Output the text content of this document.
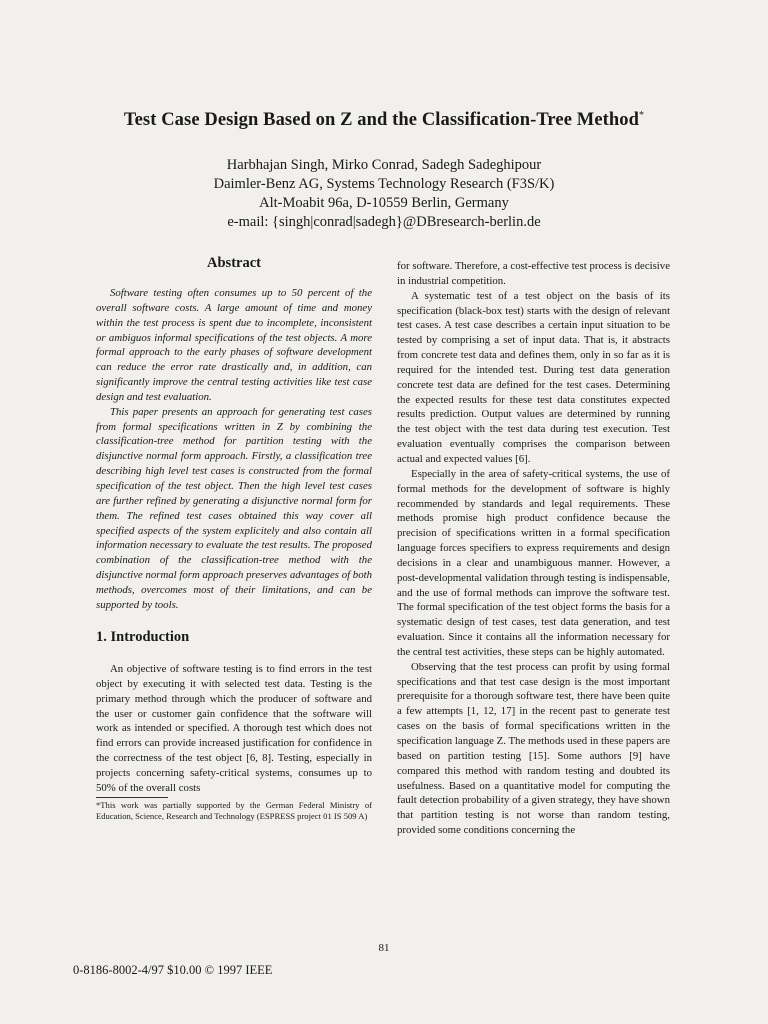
Test Case Design Based on Z and the Classification-Tree Method*
Harbhajan Singh, Mirko Conrad, Sadegh Sadeghipour
Daimler-Benz AG, Systems Technology Research (F3S/K)
Alt-Moabit 96a, D-10559 Berlin, Germany
e-mail: {singh|conrad|sadegh}@DBresearch-berlin.de
Abstract

Software testing often consumes up to 50 percent of the overall software costs. A large amount of time and money within the test process is spent due to incomplete, inconsistent or ambiguos informal specifications of the test objects. A more formal approach to the early phases of software development can reduce the error rate drastically and, in addition, can significantly improve the central testing activities like test case design and test evaluation.

This paper presents an approach for generating test cases from formal specifications written in Z by combining the classification-tree method for partition testing with the disjunctive normal form approach. Firstly, a classification tree describing high level test cases is constructed from the formal specification of the test object. Then the high level test cases are further refined by generating a disjunctive normal form for them. The refined test cases obtained this way cover all specified aspects of the system explicitely and also contain all information necessary to evaluate the test results. The proposed combination of the classification-tree method with the disjunctive normal form approach preserves advantages of both methods, overcomes most of their limitations, and can be supported by tools.

1. Introduction

An objective of software testing is to find errors in the test object by executing it with selected test data. Testing is the primary method through which the producer of software and the user or customer gain confidence that the software will work as intended or specified. A thorough test which does not find errors can provide increased justification for confidence in the correctness of the test object [6, 8]. Testing, especially in projects concerning safety-critical systems, consumes up to 50% of the overall costs

*This work was partially supported by the German Federal Ministry of Education, Science, Research and Technology (ESPRESS project 01 IS 509 A)

for software. Therefore, a cost-effective test process is decisive in industrial competition.

A systematic test of a test object on the basis of its specification (black-box test) starts with the design of relevant test cases. A test case describes a certain input situation to be tested by comprising a set of input data. That is, it abstracts from concrete test data and defines them, only in so far as it is required for the intended test. During test data generation concrete test data are defined for the test cases. Determining the expected results for these test data constitutes expected results prediction. Output values are determined by running the test object with the test data during test execution. Test evaluation eventually comprises the comparison between actual and expected values [6].

Especially in the area of safety-critical systems, the use of formal methods for the development of software is highly recommended by standards and legal requirements. These methods promise high product confidence because the precision of specifications written in a formal specification language forces specifiers to express requirements and design decisions in a clear and unambiguous manner. However, a post-developmental validation through testing is indispensable, and the use of formal methods can improve the software test. The formal specification of the test object forms the basis for a systematic design of test cases, test data generation, and test evaluation. Since it contains all the information necessary for the central test activities, these steps can be highly automated.

Observing that the test process can profit by using formal specifications and that test case design is the most important prerequisite for a thorough software test, there have been quite a few attempts [1, 12, 17] in the recent past to generate test cases on the basis of formal specifications written in the specification language Z. The methods used in these papers are based on partition testing [15]. Some authors [9] have compared this method with random testing and doubted its usefulness. Based on a quantitative model for computing the fault detection probability of a given strategy, they have shown that partition testing is not worse than random testing, provided some conditions concerning the

81
0-8186-8002-4/97 $10.00 © 1997 IEEE
